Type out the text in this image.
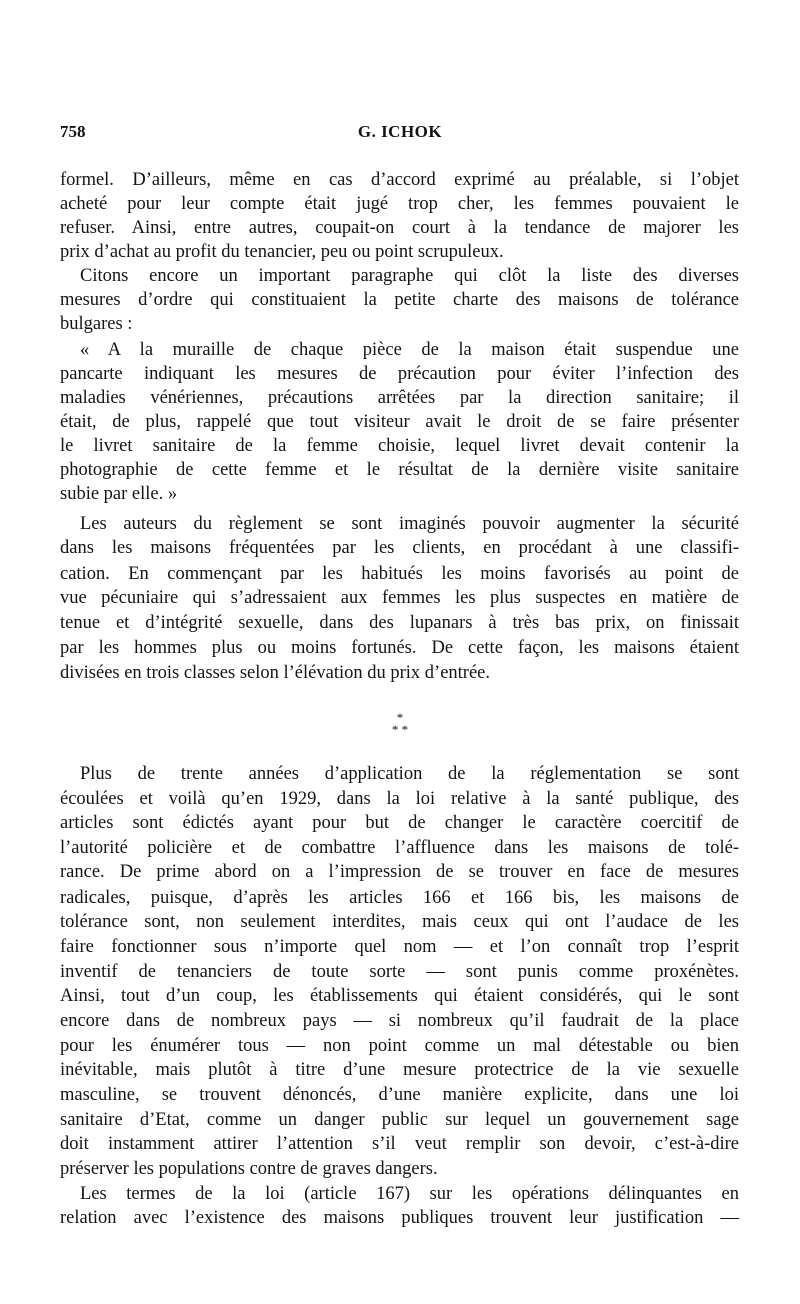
758	G. ICHOK
formel. D’ailleurs, même en cas d’accord exprimé au préalable, si l’objet
acheté pour leur compte était jugé trop cher, les femmes pouvaient le
refuser. Ainsi, entre autres, coupait-on court à la tendance de majorer les
prix d’achat au profit du tenancier, peu ou point scrupuleux.
Citons encore un important paragraphe qui clôt la liste des diverses
mesures d’ordre qui constituaient la petite charte des maisons de tolérance
bulgares :
« A la muraille de chaque pièce de la maison était suspendue une
pancarte indiquant les mesures de précaution pour éviter l’infection des
maladies vénériennes, précautions arrêtées par la direction sanitaire; il
était, de plus, rappelé que tout visiteur avait le droit de se faire présenter
le livret sanitaire de la femme choisie, lequel livret devait contenir la
photographie de cette femme et le résultat de la dernière visite sanitaire
subie par elle. »
Les auteurs du règlement se sont imaginés pouvoir augmenter la sécurité
dans les maisons fréquentées par les clients, en procédant à une classifi-
cation. En commençant par les habitués les moins favorisés au point de
vue pécuniaire qui s’adressaient aux femmes les plus suspectes en matière de
tenue et d’intégrité sexuelle, dans des lupanars à très bas prix, on finissait
par les hommes plus ou moins fortunés. De cette façon, les maisons étaient
divisées en trois classes selon l’élévation du prix d’entrée.
*
* *
Plus de trente années d’application de la réglementation se sont
écoulées et voilà qu’en 1929, dans la loi relative à la santé publique, des
articles sont édictés ayant pour but de changer le caractère coercitif de
l’autorité policière et de combattre l’affluence dans les maisons de tolé-
rance. De prime abord on a l’impression de se trouver en face de mesures
radicales, puisque, d’après les articles 166 et 166 bis, les maisons de
tolérance sont, non seulement interdites, mais ceux qui ont l’audace de les
faire fonctionner sous n’importe quel nom — et l’on connaît trop l’esprit
inventif de tenanciers de toute sorte — sont punis comme proxénètes.
Ainsi, tout d’un coup, les établissements qui étaient considérés, qui le sont
encore dans de nombreux pays — si nombreux qu’il faudrait de la place
pour les énumérer tous — non point comme un mal détestable ou bien
inévitable, mais plutôt à titre d’une mesure protectrice de la vie sexuelle
masculine, se trouvent dénoncés, d’une manière explicite, dans une loi
sanitaire d’Etat, comme un danger public sur lequel un gouvernement sage
doit instamment attirer l’attention s’il veut remplir son devoir, c’est-à-dire
préserver les populations contre de graves dangers.
Les termes de la loi (article 167) sur les opérations délinquantes en
relation avec l’existence des maisons publiques trouvent leur justification —
